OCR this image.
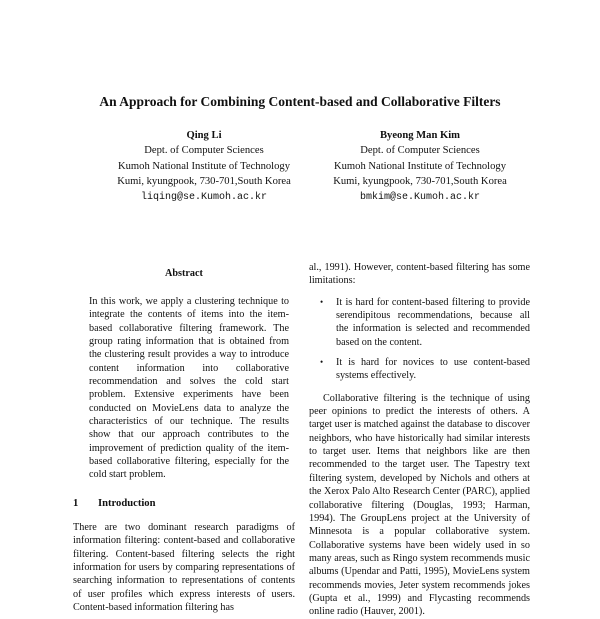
An Approach for Combining Content-based and Collaborative Filters
Qing Li
Dept. of Computer Sciences
Kumoh National Institute of Technology
Kumi, kyungpook, 730-701,South Korea
liqing@se.Kumoh.ac.kr
Byeong Man Kim
Dept. of Computer Sciences
Kumoh National Institute of Technology
Kumi, kyungpook, 730-701,South Korea
bmkim@se.Kumoh.ac.kr
Abstract

In this work, we apply a clustering technique to integrate the contents of items into the item-based collaborative filtering framework. The group rating information that is obtained from the clustering result provides a way to introduce content information into collaborative recommendation and solves the cold start problem. Extensive experiments have been conducted on MovieLens data to analyze the characteristics of our technique. The results show that our approach contributes to the improvement of prediction quality of the item-based collaborative filtering, especially for the cold start problem.

1 Introduction

There are two dominant research paradigms of information filtering: content-based and collaborative filtering. Content-based filtering selects the right information for users by comparing representations of searching information to representations of contents of user profiles which express interests of users. Content-based information filtering has

al., 1991). However, content-based filtering has some limitations:

• It is hard for content-based filtering to provide serendipitous recommendations, because all the information is selected and recommended based on the content.
• It is hard for novices to use content-based systems effectively.

Collaborative filtering is the technique of using peer opinions to predict the interests of others. A target user is matched against the database to discover neighbors, who have historically had similar interests to target user. Items that neighbors like are then recommended to the target user. The Tapestry text filtering system, developed by Nichols and others at the Xerox Palo Alto Research Center (PARC), applied collaborative filtering (Douglas, 1993; Harman, 1994). The GroupLens project at the University of Minnesota is a popular collaborative system. Collaborative systems have been widely used in so many areas, such as Ringo system recommends music albums (Upendar and Patti, 1995), MovieLens system recommends movies, Jeter system recommends jokes (Gupta et al., 1999) and Flycasting recommends online radio (Hauver, 2001).
